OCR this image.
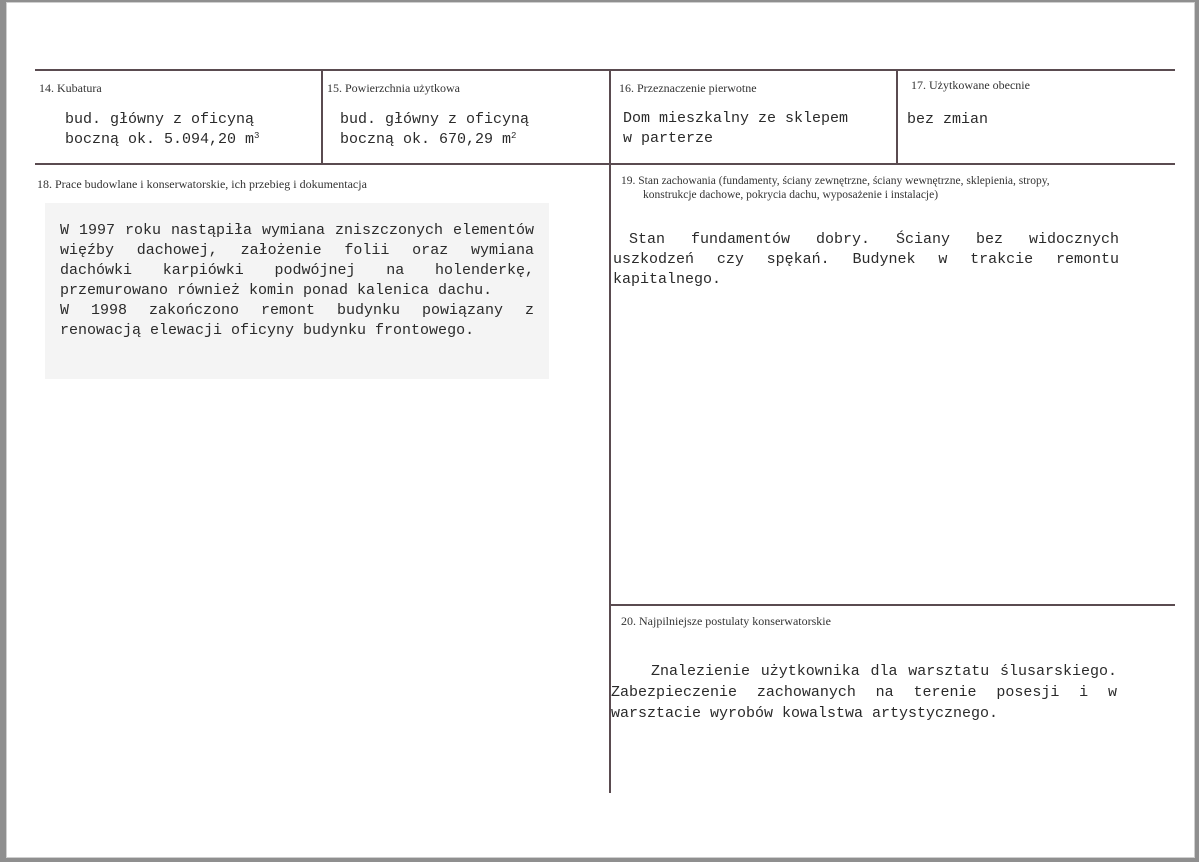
14. Kubatura
bud. główny z oficyną
boczną ok. 5.094,20 $m^3$
15. Powierzchnia użytkowa
bud. główny z oficyną
boczną ok. 670,29 $m^2$
16. Przeznaczenie pierwotne
Dom mieszkalny ze sklepem
w parterze
17. Użytkowane obecnie
bez zmian
18. Prace budowlane i konserwatorskie, ich przebieg i dokumentacja
W 1997 roku nastąpiła wymiana zniszczonych elementów więźby dachowej, założenie folii oraz wymiana dachówki karpiówki podwójnej na holenderkę, przemurowano również komin ponad kalenica dachu.
W 1998 zakończono remont budynku powiązany z renowacją elewacji oficyny budynku frontowego.
19. Stan zachowania (fundamenty, ściany zewnętrzne, ściany wewnętrzne, sklepienia, stropy,
konstrukcje dachowe, pokrycia dachu, wyposażenie i instalacje)
Stan fundamentów dobry. Ściany bez widocznych uszkodzeń czy spękań. Budynek w trakcie remontu kapitalnego.
20. Najpilniejsze postulaty konserwatorskie
Znalezienie użytkownika dla warsztatu ślusarskiego. Zabezpieczenie zachowanych na terenie posesji i w warsztacie wyrobów kowalstwa artystycznego.
